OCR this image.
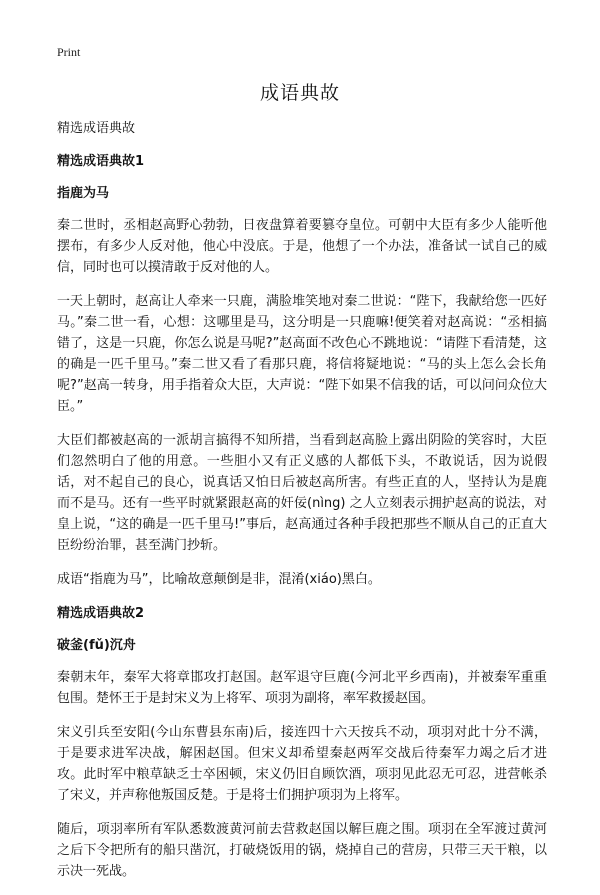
Print
成语典故

精选成语典故

精选成语典故1
指鹿为马

秦二世时，丞相赵高野心勃勃，日夜盘算着要篡夺皇位。可朝中大臣有多少人能听他摆布，有多少人反对他，他心中没底。于是，他想了一个办法，准备试一试自己的威信，同时也可以摸清敢于反对他的人。

一天上朝时，赵高让人牵来一只鹿，满脸堆笑地对秦二世说：“陛下，我献给您一匹好马。”秦二世一看，心想：这哪里是马，这分明是一只鹿嘛!便笑着对赵高说：“丞相搞错了，这是一只鹿，你怎么说是马呢?”赵高面不改色心不跳地说：“请陛下看清楚，这的确是一匹千里马。”秦二世又看了看那只鹿，将信将疑地说：“马的头上怎么会长角呢?”赵高一转身，用手指着众大臣，大声说：“陛下如果不信我的话，可以问问众位大臣。”

大臣们都被赵高的一派胡言搞得不知所措，当看到赵高脸上露出阴险的笑容时，大臣们忽然明白了他的用意。一些胆小又有正义感的人都低下头，不敢说话，因为说假话，对不起自己的良心，说真话又怕日后被赵高所害。有些正直的人，坚持认为是鹿而不是马。还有一些平时就紧跟赵高的奸佞(nìng) 之人立刻表示拥护赵高的说法，对皇上说，“这的确是一匹千里马!”事后，赵高通过各种手段把那些不顺从自己的正直大臣纷纷治罪，甚至满门抄斩。

成语“指鹿为马”，比喻故意颠倒是非，混淆(xiáo)黑白。

精选成语典故2
破釜(fǔ)沉舟

秦朝末年，秦军大将章邯攻打赵国。赵军退守巨鹿(今河北平乡西南)，并被秦军重重包围。楚怀王于是封宋义为上将军、项羽为副将，率军救援赵国。

宋义引兵至安阳(今山东曹县东南)后，接连四十六天按兵不动，项羽对此十分不满，于是要求进军决战，解困赵国。但宋义却希望秦赵两军交战后待秦军力竭之后才进攻。此时军中粮草缺乏士卒困顿，宋义仍旧自顾饮酒，项羽见此忍无可忍，进营帐杀了宋义，并声称他叛国反楚。于是将士们拥护项羽为上将军。

随后，项羽率所有军队悉数渡黄河前去营救赵国以解巨鹿之围。项羽在全军渡过黄河之后下令把所有的船只凿沉，打破烧饭用的锅，烧掉自己的营房，只带三天干粮，以示决一死战。
